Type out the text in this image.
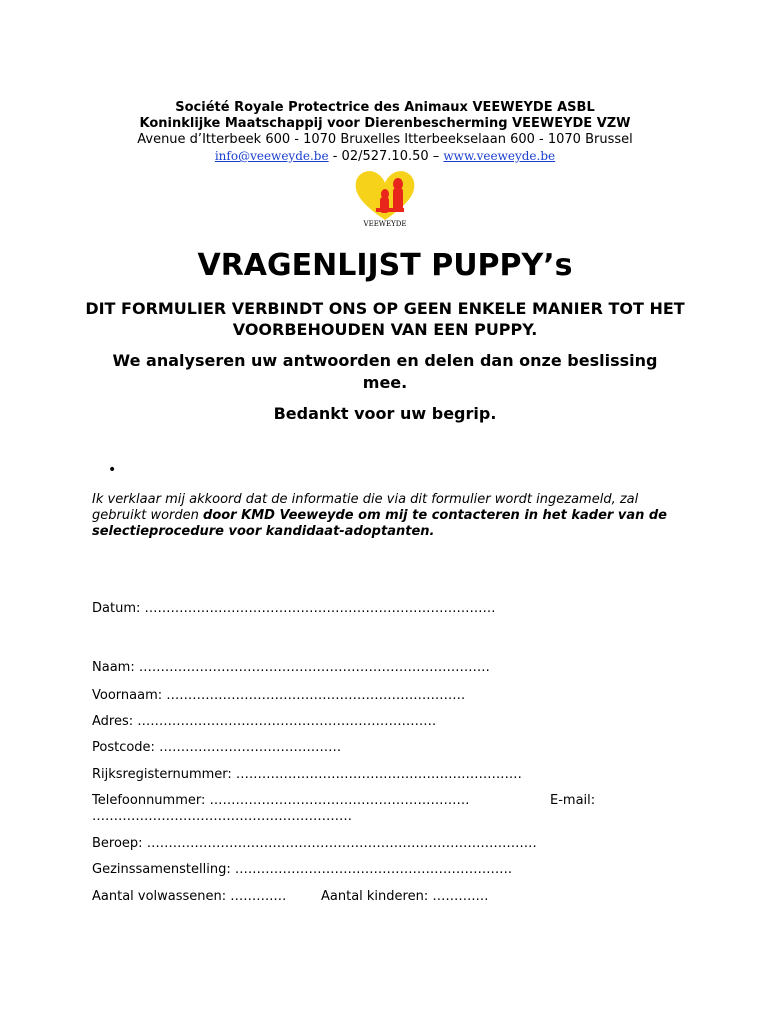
Société Royale Protectrice des Animaux VEEWEYDE ASBL
Koninklijke Maatschappij voor Dierenbescherming VEEWEYDE VZW
Avenue d’Itterbeek 600 - 1070 Bruxelles Itterbeekselaan 600 - 1070 Brussel
info@veeweyde.be - 02/527.10.50 – www.veeweyde.be
VEEWEYDE
VRAGENLIJST PUPPY’s
DIT FORMULIER VERBINDT ONS OP GEEN ENKELE MANIER TOT HET VOORBEHOUDEN VAN EEN PUPPY.
We analyseren uw antwoorden en delen dan onze beslissing mee.
Bedankt voor uw begrip.
•
Ik verklaar mij akkoord dat de informatie die via dit formulier wordt ingezameld, zal gebruikt worden door KMD Veeweyde om mij te contacteren in het kader van de selectieprocedure voor kandidaat-adoptanten.
Datum: ………………………………………………………………………
Naam: ………………………………………………………………………
Voornaam: ……………………………………………………………
Adres: ……………………………………………………………
Postcode: ……………………………………
Rijksregisternummer: …………………………………………………………
Telefoonnummer: ……………………………………………………	E-mail:
……………………………………………………
Beroep: ………………………………………………………………………………
Gezinssamenstelling: ……………………………………………………….
Aantal volwassenen: ……….…	Aantal kinderen: ……….…
